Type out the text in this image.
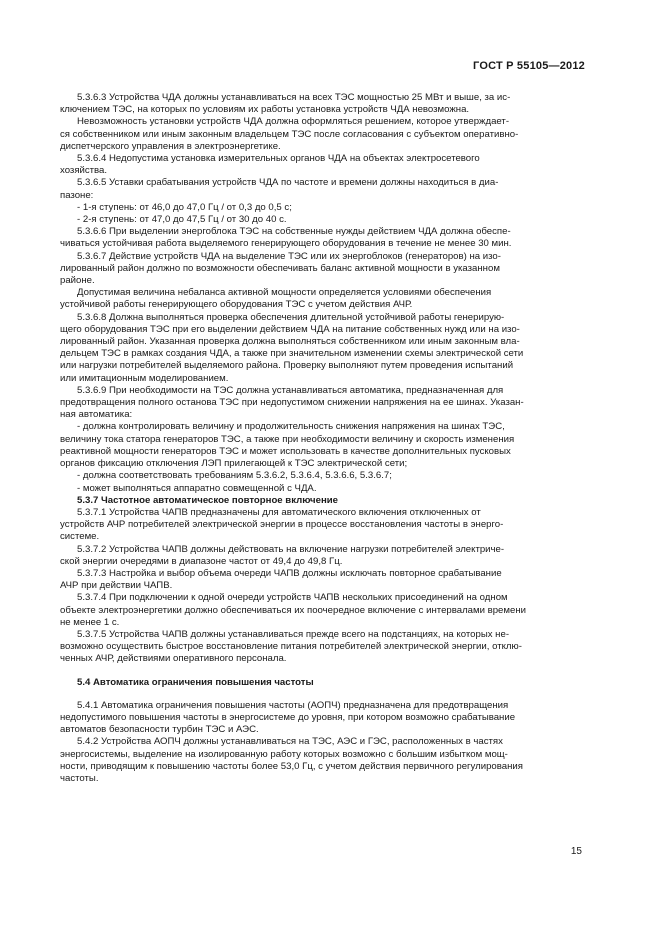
ГОСТ Р 55105—2012

5.3.6.3 Устройства ЧДА должны устанавливаться на всех ТЭС мощностью 25 МВт и выше, за ис-
ключением ТЭС, на которых по условиям их работы установка устройств ЧДА невозможна.

Невозможность установки устройств ЧДА должна оформляться решением, которое утверждает-
ся собственником или иным законным владельцем ТЭС после согласования с субъектом оперативно-
диспетчерского управления в электроэнергетике.

5.3.6.4 Недопустима установка измерительных органов ЧДА на объектах электросетевого
хозяйства.

5.3.6.5 Уставки срабатывания устройств ЧДА по частоте и времени должны находиться в диа-
пазоне:

- 1-я ступень: от 46,0 до 47,0 Гц / от 0,3 до 0,5 с;

- 2-я ступень: от 47,0 до 47,5 Гц / от 30 до 40 с.

5.3.6.6 При выделении энергоблока ТЭС на собственные нужды действием ЧДА должна обеспе-
чиваться устойчивая работа выделяемого генерирующего оборудования в течение не менее 30 мин.

5.3.6.7 Действие устройств ЧДА на выделение ТЭС или их энергоблоков (генераторов) на изо-
лированный район должно по возможности обеспечивать баланс активной мощности в указанном
районе.

Допустимая величина небаланса активной мощности определяется условиями обеспечения
устойчивой работы генерирующего оборудования ТЭС с учетом действия АЧР.

5.3.6.8 Должна выполняться проверка обеспечения длительной устойчивой работы генерирую-
щего оборудования ТЭС при его выделении действием ЧДА на питание собственных нужд или на изо-
лированный район. Указанная проверка должна выполняться собственником или иным законным вла-
дельцем ТЭС в рамках создания ЧДА, а также при значительном изменении схемы электрической сети
или нагрузки потребителей выделяемого района. Проверку выполняют путем проведения испытаний
или имитационным моделированием.

5.3.6.9 При необходимости на ТЭС должна устанавливаться автоматика, предназначенная для
предотвращения полного останова ТЭС при недопустимом снижении напряжения на ее шинах. Указан-
ная автоматика:

- должна контролировать величину и продолжительность снижения напряжения на шинах ТЭС,
величину тока статора генераторов ТЭС, а также при необходимости величину и скорость изменения
реактивной мощности генераторов ТЭС и может использовать в качестве дополнительных пусковых
органов фиксацию отключения ЛЭП прилегающей к ТЭС электрической сети;

- должна соответствовать требованиям 5.3.6.2, 5.3.6.4, 5.3.6.6, 5.3.6.7;

- может выполняться аппаратно совмещенной с ЧДА.

5.3.7 Частотное автоматическое повторное включение

5.3.7.1 Устройства ЧАПВ предназначены для автоматического включения отключенных от
устройств АЧР потребителей электрической энергии в процессе восстановления частоты в энерго-
системе.

5.3.7.2 Устройства ЧАПВ должны действовать на включение нагрузки потребителей электриче-
ской энергии очередями в диапазоне частот от 49,4 до 49,8 Гц.

5.3.7.3 Настройка и выбор объема очереди ЧАПВ должны исключать повторное срабатывание
АЧР при действии ЧАПВ.

5.3.7.4 При подключении к одной очереди устройств ЧАПВ нескольких присоединений на одном
объекте электроэнергетики должно обеспечиваться их поочередное включение с интервалами времени
не менее 1 с.

5.3.7.5 Устройства ЧАПВ должны устанавливаться прежде всего на подстанциях, на которых не-
возможно осуществить быстрое восстановление питания потребителей электрической энергии, отклю-
ченных АЧР, действиями оперативного персонала.

5.4 Автоматика ограничения повышения частоты

5.4.1 Автоматика ограничения повышения частоты (АОПЧ) предназначена для предотвращения
недопустимого повышения частоты в энергосистеме до уровня, при котором возможно срабатывание
автоматов безопасности турбин ТЭС и АЭС.

5.4.2 Устройства АОПЧ должны устанавливаться на ТЭС, АЭС и ГЭС, расположенных в частях
энергосистемы, выделение на изолированную работу которых возможно с большим избытком мощ-
ности, приводящим к повышению частоты более 53,0 Гц, с учетом действия первичного регулирования
частоты.

15
